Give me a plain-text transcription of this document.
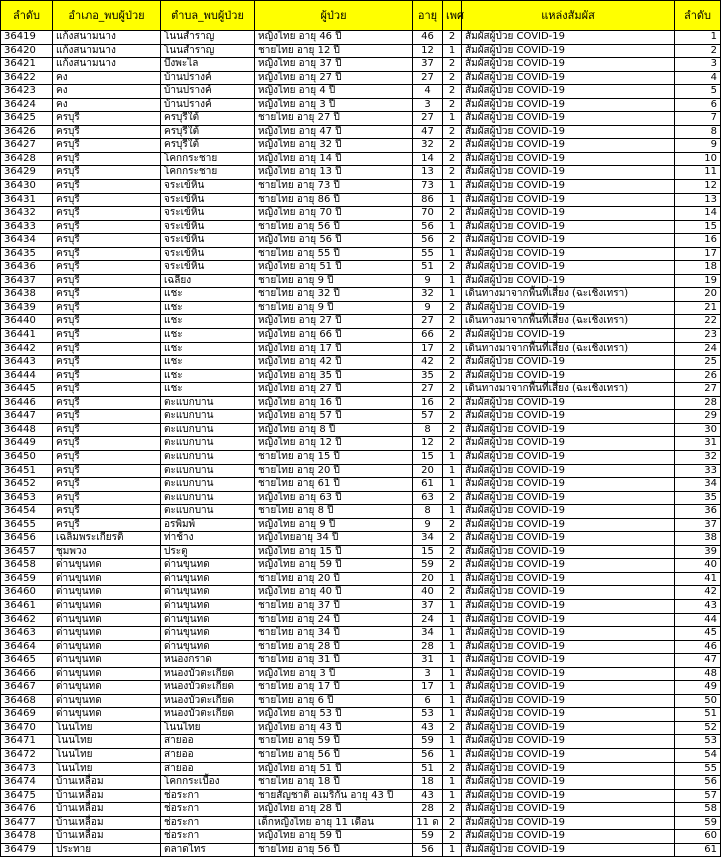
ลำดับ	อำเภอ_พบผู้ป่วย	ตำบล_พบผู้ป่วย	ผู้ป่วย	อายุ	เพศ	แหล่งสัมผัส	ลำดับ
36419	แก้งสนามนาง	โนนสำราญ	หญิงไทย อายุ 46 ปี	46	2	สัมผัสผู้ป่วย COVID-19	1
36420	แก้งสนามนาง	โนนสำราญ	ชายไทย อายุ 12 ปี	12	1	สัมผัสผู้ป่วย COVID-19	2
36421	แก้งสนามนาง	บึงพะไล	หญิงไทย อายุ 37 ปี	37	2	สัมผัสผู้ป่วย COVID-19	3
36422	คง	บ้านปรางค์	หญิงไทย อายุ 27 ปี	27	2	สัมผัสผู้ป่วย COVID-19	4
36423	คง	บ้านปรางค์	หญิงไทย อายุ 4 ปี	4	2	สัมผัสผู้ป่วย COVID-19	5
36424	คง	บ้านปรางค์	หญิงไทย อายุ 3 ปี	3	2	สัมผัสผู้ป่วย COVID-19	6
36425	ครบุรี	ครบุรีใต้	ชายไทย อายุ 27 ปี	27	1	สัมผัสผู้ป่วย COVID-19	7
36426	ครบุรี	ครบุรีใต้	หญิงไทย อายุ 47 ปี	47	2	สัมผัสผู้ป่วย COVID-19	8
36427	ครบุรี	ครบุรีใต้	หญิงไทย อายุ 32 ปี	32	2	สัมผัสผู้ป่วย COVID-19	9
36428	ครบุรี	โคกกระชาย	หญิงไทย อายุ 14 ปี	14	2	สัมผัสผู้ป่วย COVID-19	10
36429	ครบุรี	โคกกระชาย	หญิงไทย อายุ 13 ปี	13	2	สัมผัสผู้ป่วย COVID-19	11
36430	ครบุรี	จระเข้หิน	ชายไทย อายุ 73 ปี	73	1	สัมผัสผู้ป่วย COVID-19	12
36431	ครบุรี	จระเข้หิน	ชายไทย อายุ 86 ปี	86	1	สัมผัสผู้ป่วย COVID-19	13
36432	ครบุรี	จระเข้หิน	หญิงไทย อายุ 70 ปี	70	2	สัมผัสผู้ป่วย COVID-19	14
36433	ครบุรี	จระเข้หิน	ชายไทย อายุ 56 ปี	56	1	สัมผัสผู้ป่วย COVID-19	15
36434	ครบุรี	จระเข้หิน	หญิงไทย อายุ 56 ปี	56	2	สัมผัสผู้ป่วย COVID-19	16
36435	ครบุรี	จระเข้หิน	ชายไทย อายุ 55 ปี	55	1	สัมผัสผู้ป่วย COVID-19	17
36436	ครบุรี	จระเข้หิน	หญิงไทย อายุ 51 ปี	51	2	สัมผัสผู้ป่วย COVID-19	18
36437	ครบุรี	เฉลียง	ชายไทย อายุ 9 ปี	9	1	สัมผัสผู้ป่วย COVID-19	19
36438	ครบุรี	แชะ	ชายไทย อายุ 32 ปี	32	1	เดินทางมาจากพื้นที่เสี่ยง (ฉะเชิงเทรา)	20
36439	ครบุรี	แชะ	ชายไทย อายุ 9 ปี	9	2	สัมผัสผู้ป่วย COVID-19	21
36440	ครบุรี	แชะ	หญิงไทย อายุ 27 ปี	27	2	เดินทางมาจากพื้นที่เสี่ยง (ฉะเชิงเทรา)	22
36441	ครบุรี	แชะ	หญิงไทย อายุ 66 ปี	66	2	สัมผัสผู้ป่วย COVID-19	23
36442	ครบุรี	แชะ	หญิงไทย อายุ 17 ปี	17	2	เดินทางมาจากพื้นที่เสี่ยง (ฉะเชิงเทรา)	24
36443	ครบุรี	แชะ	หญิงไทย อายุ 42 ปี	42	2	สัมผัสผู้ป่วย COVID-19	25
36444	ครบุรี	แชะ	หญิงไทย อายุ 35 ปี	35	2	สัมผัสผู้ป่วย COVID-19	26
36445	ครบุรี	แชะ	หญิงไทย อายุ 27 ปี	27	2	เดินทางมาจากพื้นที่เสี่ยง (ฉะเชิงเทรา)	27
36446	ครบุรี	ตะแบกบาน	หญิงไทย อายุ 16 ปี	16	2	สัมผัสผู้ป่วย COVID-19	28
36447	ครบุรี	ตะแบกบาน	หญิงไทย อายุ 57 ปี	57	2	สัมผัสผู้ป่วย COVID-19	29
36448	ครบุรี	ตะแบกบาน	หญิงไทย อายุ 8 ปี	8	2	สัมผัสผู้ป่วย COVID-19	30
36449	ครบุรี	ตะแบกบาน	หญิงไทย อายุ 12 ปี	12	2	สัมผัสผู้ป่วย COVID-19	31
36450	ครบุรี	ตะแบกบาน	ชายไทย อายุ 15 ปี	15	1	สัมผัสผู้ป่วย COVID-19	32
36451	ครบุรี	ตะแบกบาน	ชายไทย อายุ 20 ปี	20	1	สัมผัสผู้ป่วย COVID-19	33
36452	ครบุรี	ตะแบกบาน	ชายไทย อายุ 61 ปี	61	1	สัมผัสผู้ป่วย COVID-19	34
36453	ครบุรี	ตะแบกบาน	หญิงไทย อายุ 63 ปี	63	2	สัมผัสผู้ป่วย COVID-19	35
36454	ครบุรี	ตะแบกบาน	ชายไทย อายุ 8 ปี	8	1	สัมผัสผู้ป่วย COVID-19	36
36455	ครบุรี	อรพิมพ์	หญิงไทย อายุ 9 ปี	9	2	สัมผัสผู้ป่วย COVID-19	37
36456	เฉลิมพระเกียรติ	ท่าช้าง	หญิงไทยอายุ 34 ปี	34	2	สัมผัสผู้ป่วย COVID-19	38
36457	ชุมพวง	ประตู	หญิงไทย อายุ 15 ปี	15	2	สัมผัสผู้ป่วย COVID-19	39
36458	ด่านขุนทด	ด่านขุนทด	หญิงไทย อายุ 59 ปี	59	2	สัมผัสผู้ป่วย COVID-19	40
36459	ด่านขุนทด	ด่านขุนทด	ชายไทย อายุ 20 ปี	20	1	สัมผัสผู้ป่วย COVID-19	41
36460	ด่านขุนทด	ด่านขุนทด	หญิงไทย อายุ 40 ปี	40	2	สัมผัสผู้ป่วย COVID-19	42
36461	ด่านขุนทด	ด่านขุนทด	ชายไทย อายุ 37 ปี	37	1	สัมผัสผู้ป่วย COVID-19	43
36462	ด่านขุนทด	ด่านขุนทด	ชายไทย อายุ 24 ปี	24	1	สัมผัสผู้ป่วย COVID-19	44
36463	ด่านขุนทด	ด่านขุนทด	ชายไทย อายุ 34 ปี	34	1	สัมผัสผู้ป่วย COVID-19	45
36464	ด่านขุนทด	ด่านขุนทด	ชายไทย อายุ 28 ปี	28	1	สัมผัสผู้ป่วย COVID-19	46
36465	ด่านขุนทด	หนองกราด	ชายไทย อายุ 31 ปี	31	1	สัมผัสผู้ป่วย COVID-19	47
36466	ด่านขุนทด	หนองบัวตะเกียด	หญิงไทย อายุ 3 ปี	3	1	สัมผัสผู้ป่วย COVID-19	48
36467	ด่านขุนทด	หนองบัวตะเกียด	ชายไทย อายุ 17 ปี	17	1	สัมผัสผู้ป่วย COVID-19	49
36468	ด่านขุนทด	หนองบัวตะเกียด	ชายไทย อายุ 6 ปี	6	1	สัมผัสผู้ป่วย COVID-19	50
36469	ด่านขุนทด	หนองบัวตะเกียด	หญิงไทย อายุ 53 ปี	53	1	สัมผัสผู้ป่วย COVID-19	51
36470	โนนไทย	โนนไทย	หญิงไทย อายุ 43 ปี	43	2	สัมผัสผู้ป่วย COVID-19	52
36471	โนนไทย	สายออ	ชายไทย อายุ 59 ปี	59	1	สัมผัสผู้ป่วย COVID-19	53
36472	โนนไทย	สายออ	ชายไทย อายุ 56 ปี	56	1	สัมผัสผู้ป่วย COVID-19	54
36473	โนนไทย	สายออ	หญิงไทย อายุ 51 ปี	51	2	สัมผัสผู้ป่วย COVID-19	55
36474	บ้านเหลื่อม	โคกกระเบื้อง	ชายไทย อายุ 18 ปี	18	1	สัมผัสผู้ป่วย COVID-19	56
36475	บ้านเหลื่อม	ช่อระกา	ชายสัญชาติ อเมริกัน อายุ 43 ปี	43	1	สัมผัสผู้ป่วย COVID-19	57
36476	บ้านเหลื่อม	ช่อระกา	หญิงไทย อายุ 28 ปี	28	2	สัมผัสผู้ป่วย COVID-19	58
36477	บ้านเหลื่อม	ช่อระกา	เด็กหญิงไทย อายุ 11 เดือน	11 ด	2	สัมผัสผู้ป่วย COVID-19	59
36478	บ้านเหลื่อม	ช่อระกา	หญิงไทย อายุ 59 ปี	59	2	สัมผัสผู้ป่วย COVID-19	60
36479	ประทาย	ตลาดไทร	ชายไทย อายุ 56 ปี	56	1	สัมผัสผู้ป่วย COVID-19	61
